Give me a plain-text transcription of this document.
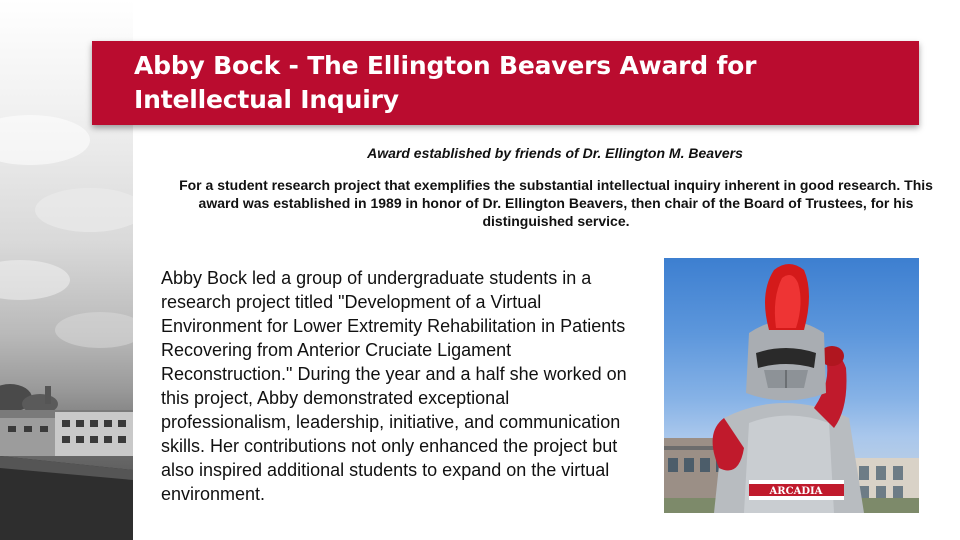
Abby Bock - The Ellington Beavers Award for Intellectual Inquiry
Award established by friends of Dr. Ellington M. Beavers
For a student research project that exemplifies the substantial intellectual inquiry inherent in good research. This award was established in 1989 in honor of Dr. Ellington Beavers, then chair of the Board of Trustees, for his distinguished service.
Abby Bock led a group of undergraduate students in a research project titled "Development of a Virtual Environment for Lower Extremity Rehabilitation in Patients Recovering from Anterior Cruciate Ligament Reconstruction." During the year and a half she worked on this project, Abby demonstrated exceptional professionalism, leadership, initiative, and communication skills. Her contributions not only enhanced the project but also inspired additional students to expand on the virtual environment.	ARCADIA
